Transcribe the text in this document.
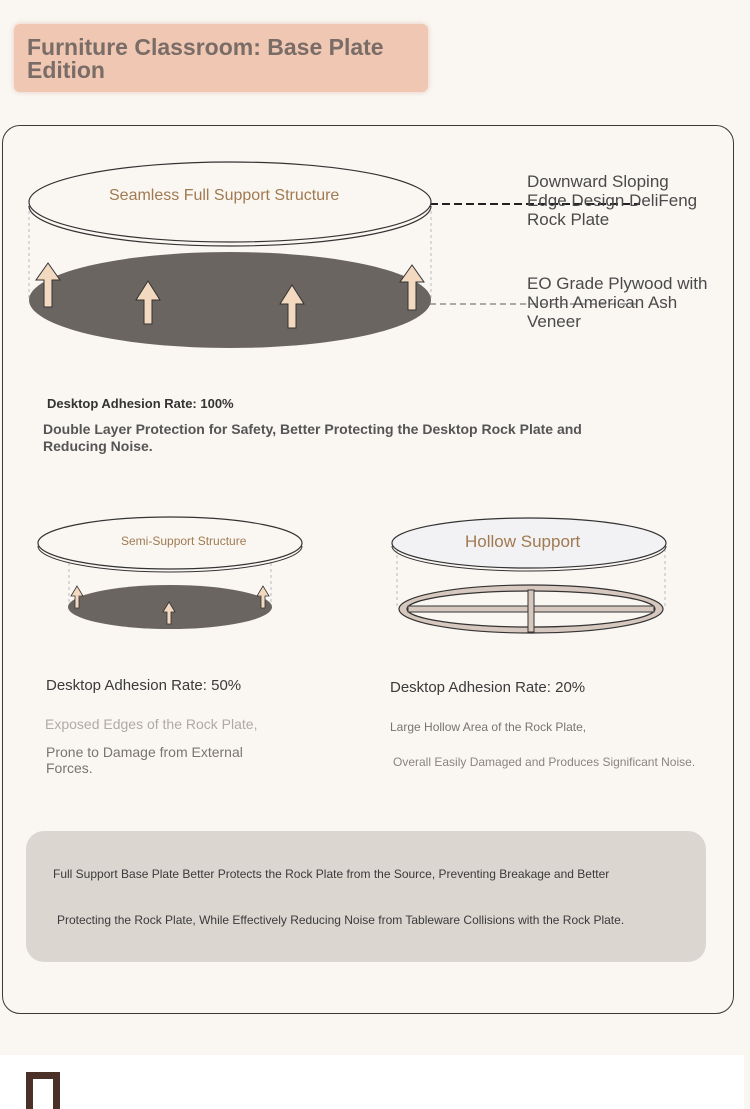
Furniture Classroom: Base Plate Edition
Seamless Full Support Structure
Downward Sloping Edge Design DeliFeng Rock Plate
EO Grade Plywood with North American Ash Veneer
Desktop Adhesion Rate: 100%
Double Layer Protection for Safety, Better Protecting the Desktop Rock Plate and Reducing Noise.
Semi-Support Structure
Desktop Adhesion Rate: 50%
Exposed Edges of the Rock Plate,
Prone to Damage from External Forces.
Hollow Support
Desktop Adhesion Rate: 20%
Large Hollow Area of the Rock Plate,
Overall Easily Damaged and Produces Significant Noise.
Full Support Base Plate Better Protects the Rock Plate from the Source, Preventing Breakage and Better
Protecting the Rock Plate, While Effectively Reducing Noise from Tableware Collisions with the Rock Plate.
